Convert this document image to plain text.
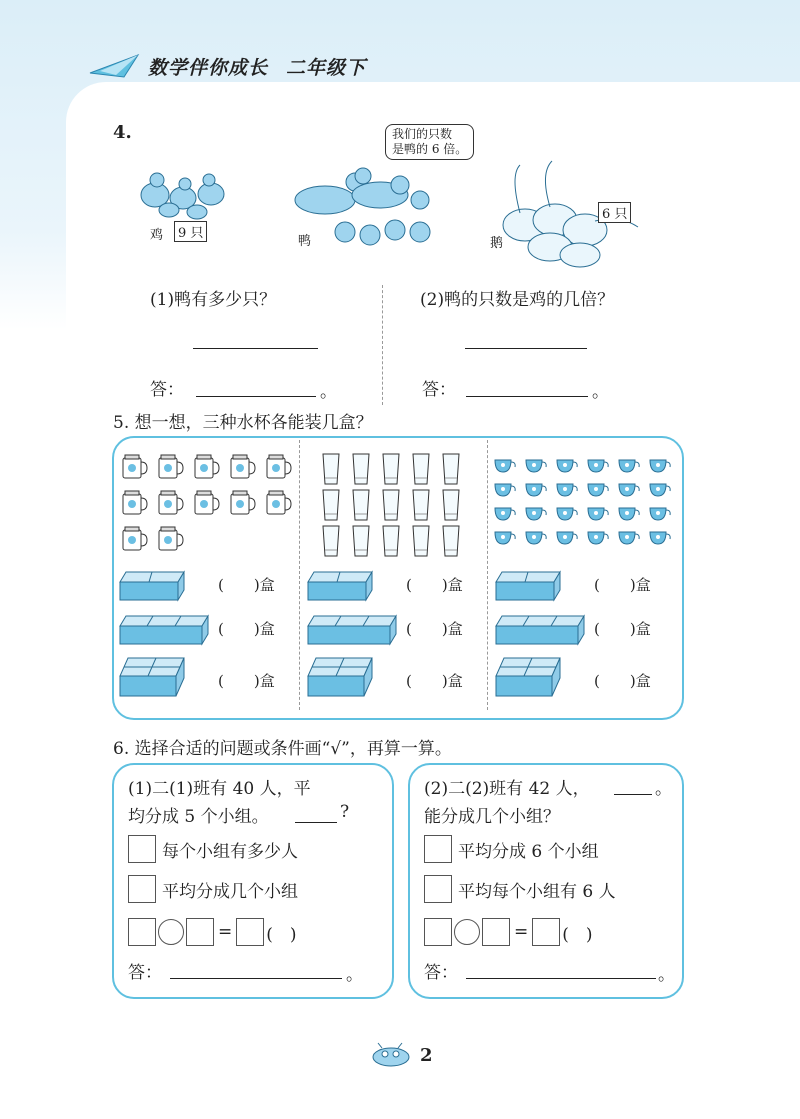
数学伴你成长 二年级下
4.
鸡	9 只
我们的只数
是鸭的 6 倍。
鸭	鹅
6 只
(1)鸭有多少只？	(2)鸭的只数是鸡的几倍？
答：	。	答：	。
5. 想一想，三种水杯各能装几盒？
(　　)盒
(　　)盒
(　　)盒
(　　)盒
(　　)盒
(　　)盒
(　　)盒
(　　)盒
(　　)盒
6. 选择合适的问题或条件画“√”，再算一算。
(1)二(1)班有 40 人，平
均分成 5 个小组。	?
每个小组有多少人
平均分成几个小组
= (　)
答：	。
(2)二(2)班有 42 人，	。
能分成几个小组？
平均分成 6 个小组
平均每个小组有 6 人
= (　)
答：	。
2
